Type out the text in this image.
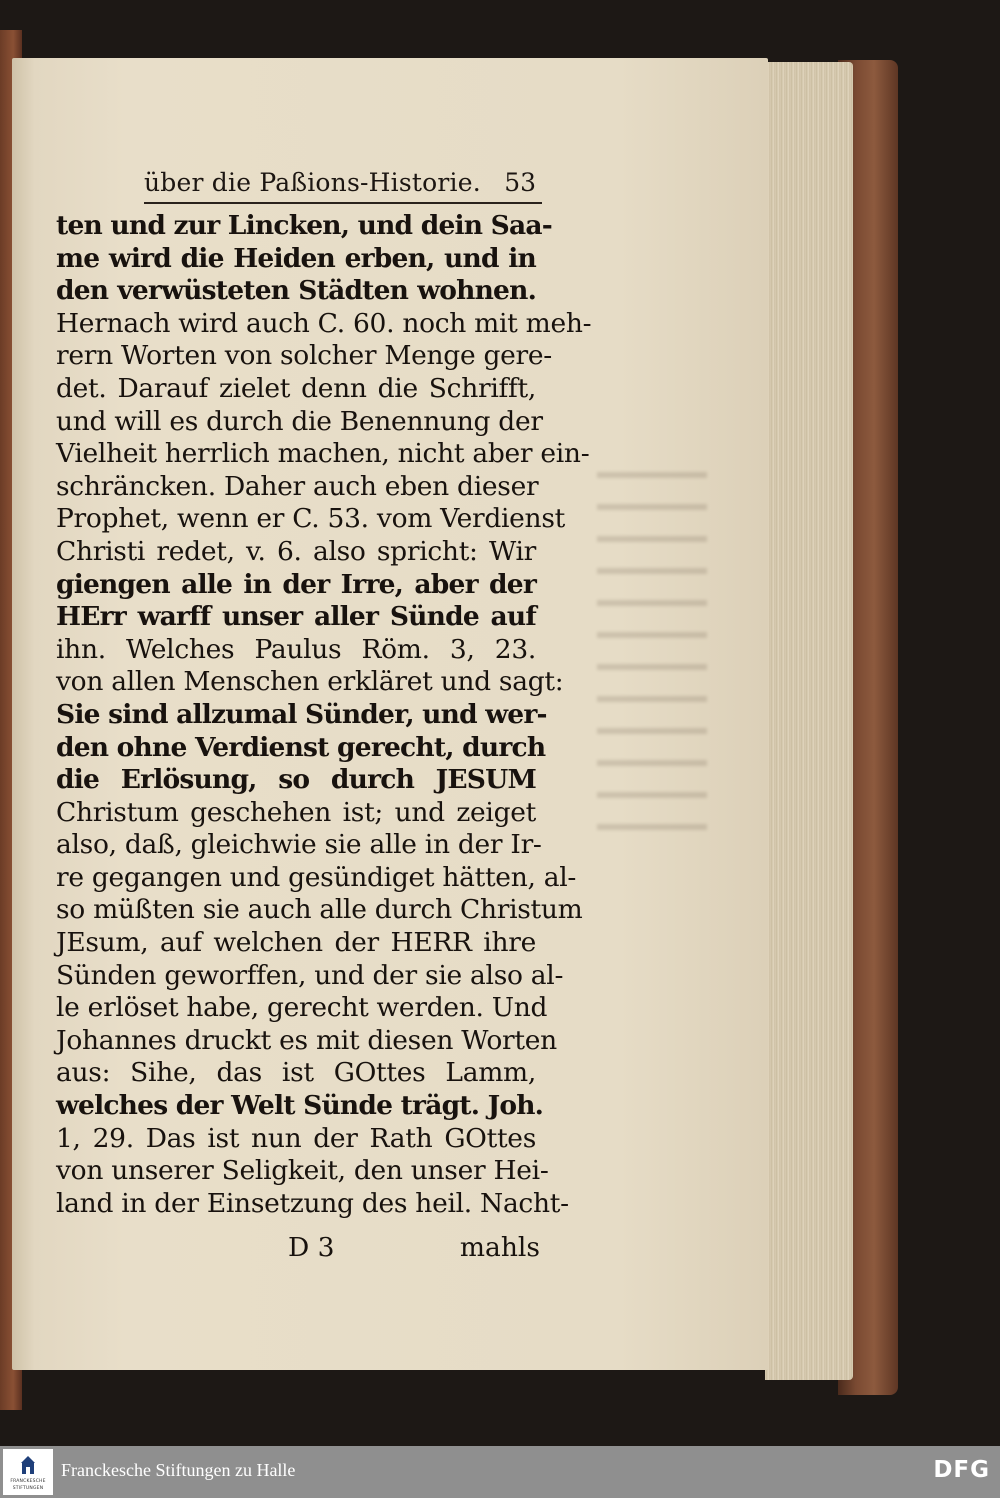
über die Paßions-Historie. 53
ten und zur Lincken, und dein Saa-
me wird die Heiden erben, und in
den verwüsteten Städten wohnen.
Hernach wird auch C. 60. noch mit meh-
rern Worten von solcher Menge gere-
det. Darauf zielet denn die Schrifft,
und will es durch die Benennung der
Vielheit herrlich machen, nicht aber ein-
schräncken. Daher auch eben dieser
Prophet, wenn er C. 53. vom Verdienst
Christi redet, v. 6. also spricht: Wir
giengen alle in der Irre, aber der
HErr warff unser aller Sünde auf
ihn. Welches Paulus Röm. 3, 23.
von allen Menschen erkläret und sagt:
Sie sind allzumal Sünder, und wer-
den ohne Verdienst gerecht, durch
die Erlösung, so durch JESUM
Christum geschehen ist; und zeiget
also, daß, gleichwie sie alle in der Ir-
re gegangen und gesündiget hätten, al-
so müßten sie auch alle durch Christum
JEsum, auf welchen der HERR ihre
Sünden geworffen, und der sie also al-
le erlöset habe, gerecht werden. Und
Johannes druckt es mit diesen Worten
aus: Sihe, das ist GOttes Lamm,
welches der Welt Sünde trägt. Joh.
1, 29. Das ist nun der Rath GOttes
von unserer Seligkeit, den unser Hei-
land in der Einsetzung des heil. Nacht-
D 3	mahls
FRANCKESCHE
STIFTUNGEN
Franckesche Stiftungen zu Halle	DFG
